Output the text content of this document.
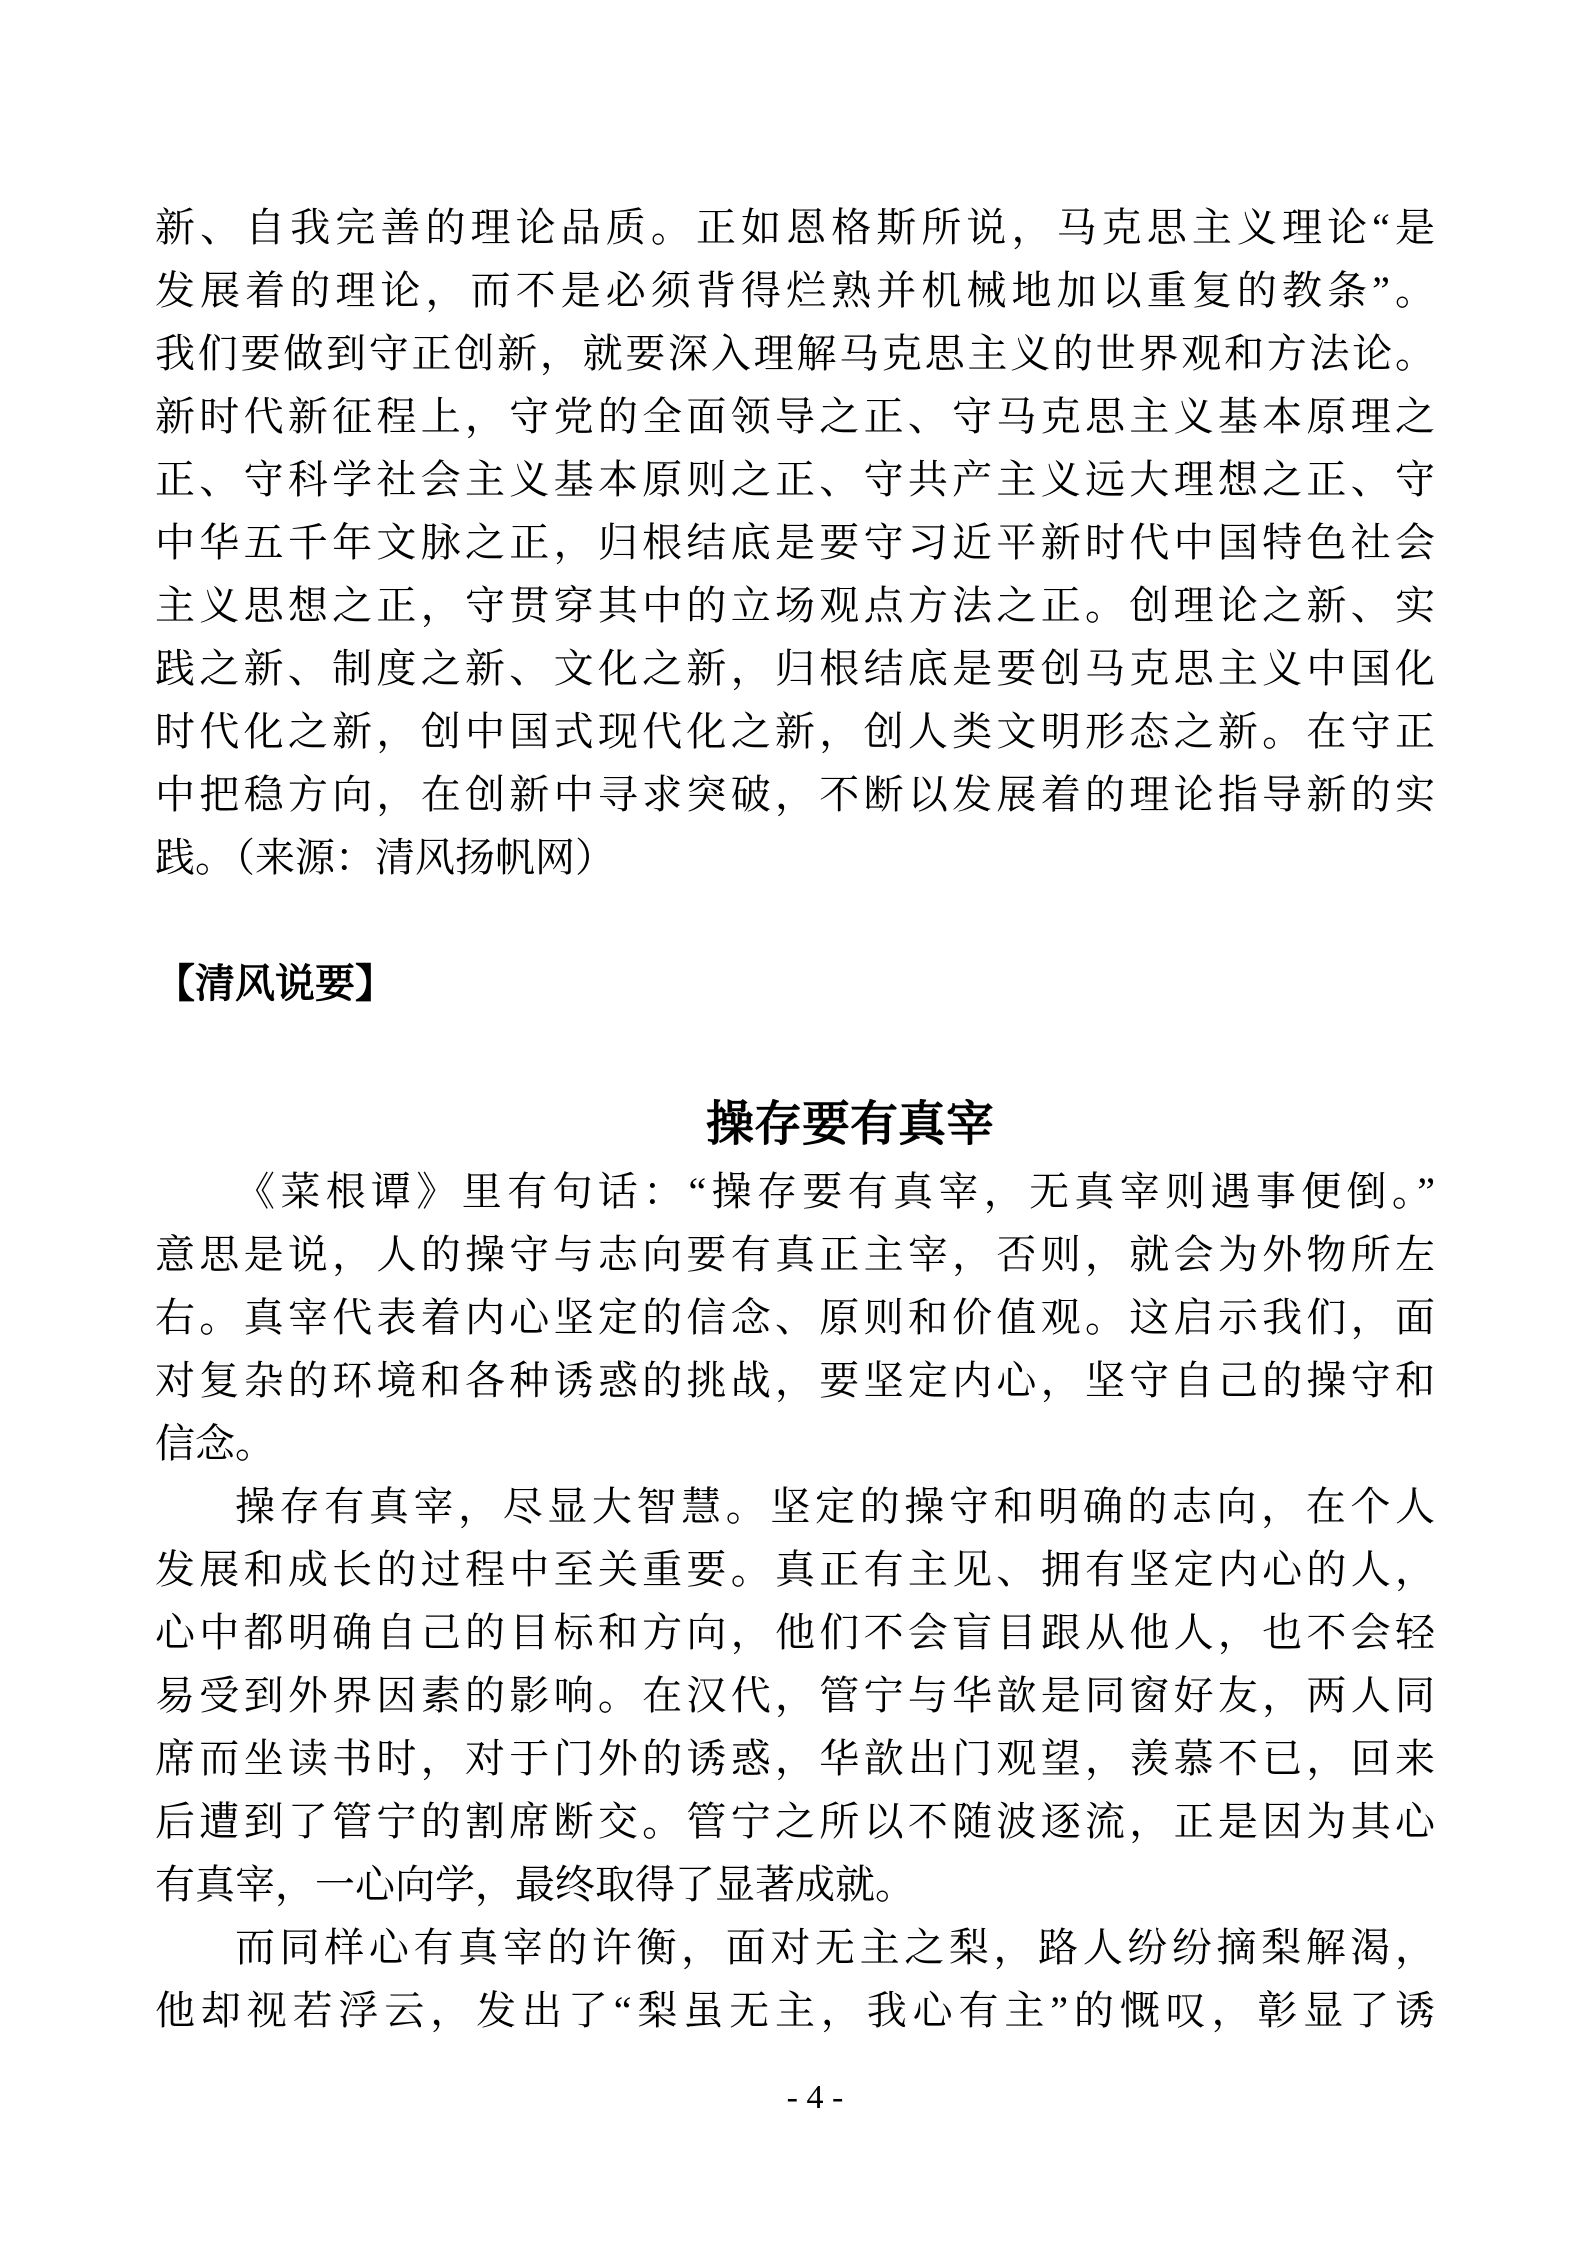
新、自我完善的理论品质。正如恩格斯所说，马克思主义理论“是
发展着的理论，而不是必须背得烂熟并机械地加以重复的教条”。
我们要做到守正创新，就要深入理解马克思主义的世界观和方法论。
新时代新征程上，守党的全面领导之正、守马克思主义基本原理之
正、守科学社会主义基本原则之正、守共产主义远大理想之正、守
中华五千年文脉之正，归根结底是要守习近平新时代中国特色社会
主义思想之正，守贯穿其中的立场观点方法之正。创理论之新、实
践之新、制度之新、文化之新，归根结底是要创马克思主义中国化
时代化之新，创中国式现代化之新，创人类文明形态之新。在守正
中把稳方向，在创新中寻求突破，不断以发展着的理论指导新的实
践。（来源：清风扬帆网）
【清风说要】
操存要有真宰
《菜根谭》里有句话：“操存要有真宰，无真宰则遇事便倒。”
意思是说，人的操守与志向要有真正主宰，否则，就会为外物所左
右。真宰代表着内心坚定的信念、原则和价值观。这启示我们，面
对复杂的环境和各种诱惑的挑战，要坚定内心，坚守自己的操守和
信念。
操存有真宰，尽显大智慧。坚定的操守和明确的志向，在个人
发展和成长的过程中至关重要。真正有主见、拥有坚定内心的人，
心中都明确自己的目标和方向，他们不会盲目跟从他人，也不会轻
易受到外界因素的影响。在汉代，管宁与华歆是同窗好友，两人同
席而坐读书时，对于门外的诱惑，华歆出门观望，羡慕不已，回来
后遭到了管宁的割席断交。管宁之所以不随波逐流，正是因为其心
有真宰，一心向学，最终取得了显著成就。
而同样心有真宰的许衡，面对无主之梨，路人纷纷摘梨解渴，
他却视若浮云，发出了“梨虽无主，我心有主”的慨叹，彰显了诱
- 4 -
